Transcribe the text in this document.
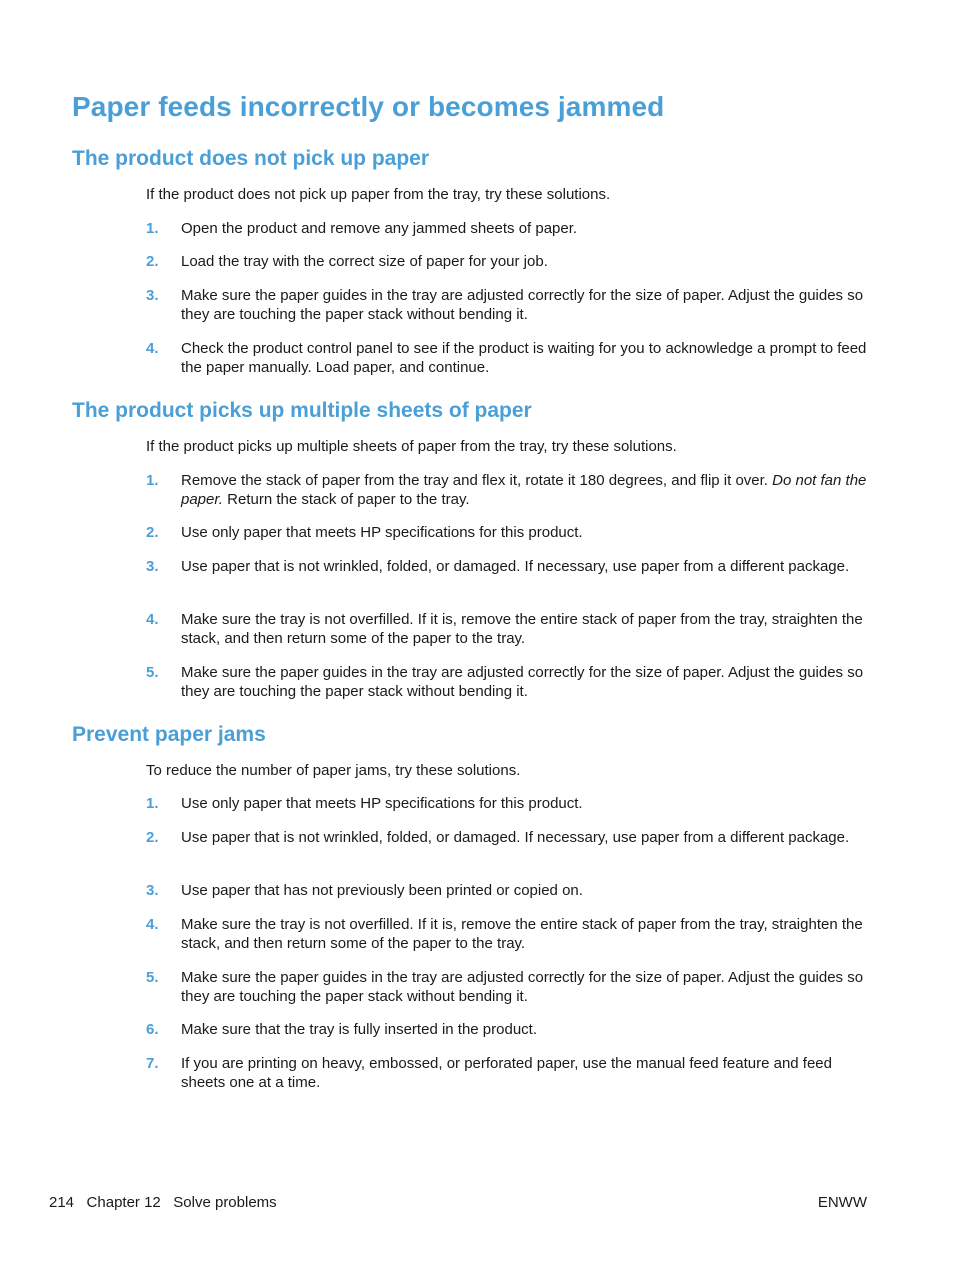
Paper feeds incorrectly or becomes jammed
The product does not pick up paper

If the product does not pick up paper from the tray, try these solutions.

1. Open the product and remove any jammed sheets of paper.

2. Load the tray with the correct size of paper for your job.

3. Make sure the paper guides in the tray are adjusted correctly for the size of paper. Adjust the guides so they are touching the paper stack without bending it.

4. Check the product control panel to see if the product is waiting for you to acknowledge a prompt to feed the paper manually. Load paper, and continue.

The product picks up multiple sheets of paper

If the product picks up multiple sheets of paper from the tray, try these solutions.

1. Remove the stack of paper from the tray and flex it, rotate it 180 degrees, and flip it over. Do not fan the paper. Return the stack of paper to the tray.

2. Use only paper that meets HP specifications for this product.

3. Use paper that is not wrinkled, folded, or damaged. If necessary, use paper from a different package.

4. Make sure the tray is not overfilled. If it is, remove the entire stack of paper from the tray, straighten the stack, and then return some of the paper to the tray.

5. Make sure the paper guides in the tray are adjusted correctly for the size of paper. Adjust the guides so they are touching the paper stack without bending it.

Prevent paper jams

To reduce the number of paper jams, try these solutions.

1. Use only paper that meets HP specifications for this product.

2. Use paper that is not wrinkled, folded, or damaged. If necessary, use paper from a different package.

3. Use paper that has not previously been printed or copied on.

4. Make sure the tray is not overfilled. If it is, remove the entire stack of paper from the tray, straighten the stack, and then return some of the paper to the tray.

5. Make sure the paper guides in the tray are adjusted correctly for the size of paper. Adjust the guides so they are touching the paper stack without bending it.

6. Make sure that the tray is fully inserted in the product.

7. If you are printing on heavy, embossed, or perforated paper, use the manual feed feature and feed sheets one at a time.

214 Chapter 12 Solve problems	ENWW
